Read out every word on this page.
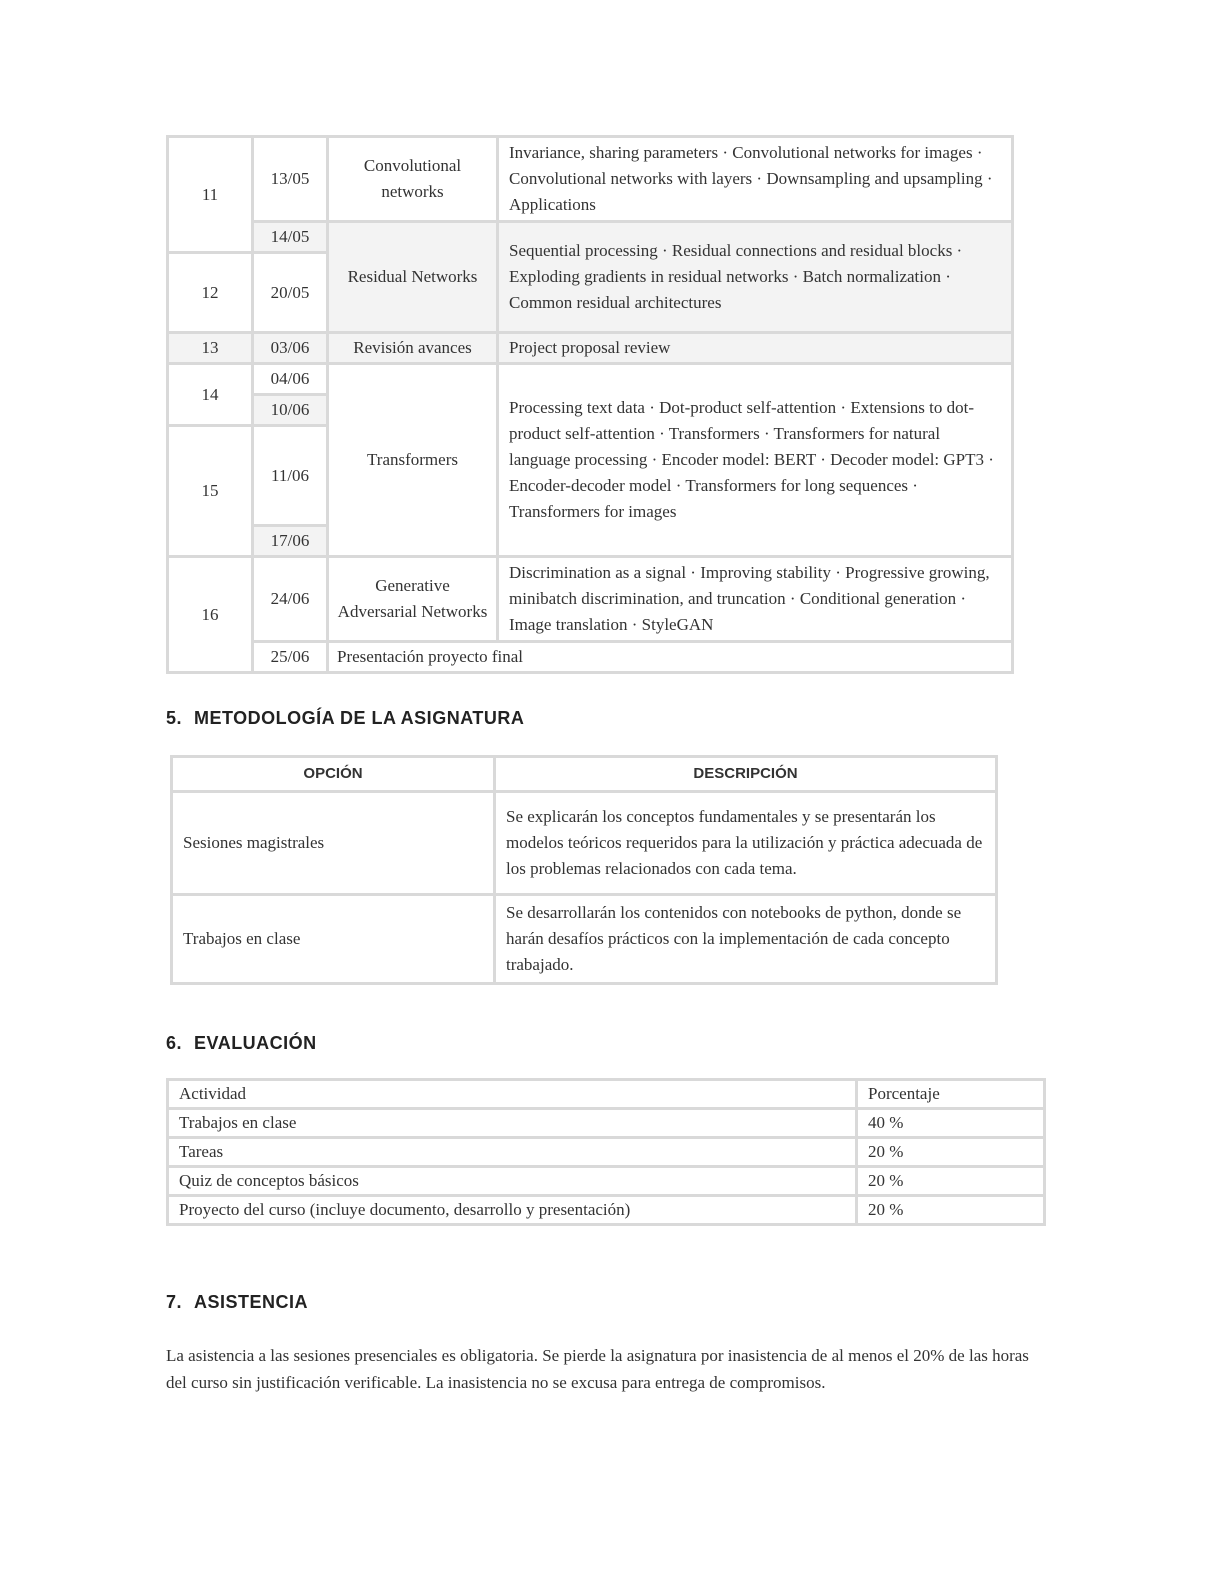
11	13/05	Convolutional networks	Invariance, sharing parameters · Convolutional networks for images · Convolutional networks with layers · Downsampling and upsampling · Applications
	14/05	Residual Networks	Sequential processing · Residual connections and residual blocks · Exploding gradients in residual networks · Batch normalization · Common residual architectures
12	20/05		
13	03/06	Revisión avances	Project proposal review
14	04/06	Transformers	Processing text data · Dot-product self-attention · Extensions to dot-product self-attention · Transformers · Transformers for natural language processing · Encoder model: BERT · Decoder model: GPT3 · Encoder-decoder model · Transformers for long sequences · Transformers for images
	10/06		
15	11/06		
	17/06		
16	24/06	Generative Adversarial Networks	Discrimination as a signal · Improving stability · Progressive growing, minibatch discrimination, and truncation · Conditional generation · Image translation · StyleGAN
	25/06	Presentación proyecto final	
5. METODOLOGÍA DE LA ASIGNATURA
OPCIÓN	DESCRIPCIÓN
Sesiones magistrales	Se explicarán los conceptos fundamentales y se presentarán los modelos teóricos requeridos para la utilización y práctica adecuada de los problemas relacionados con cada tema.
Trabajos en clase	Se desarrollarán los contenidos con notebooks de python, donde se harán desafíos prácticos con la implementación de cada concepto trabajado.
6. EVALUACIÓN
Actividad	Porcentaje
Trabajos en clase	40 %
Tareas	20 %
Quiz de conceptos básicos	20 %
Proyecto del curso (incluye documento, desarrollo y presentación)	20 %
7. ASISTENCIA

La asistencia a las sesiones presenciales es obligatoria. Se pierde la asignatura por inasistencia de al menos el 20% de las horas del curso sin justificación verificable. La inasistencia no se excusa para entrega de compromisos.
